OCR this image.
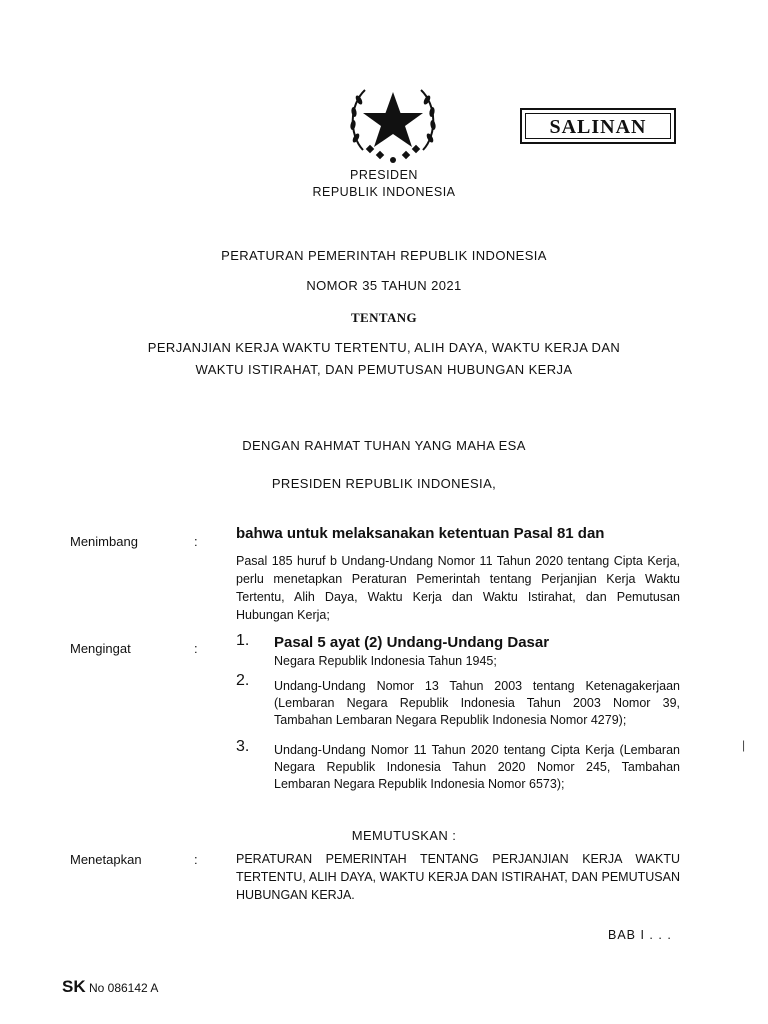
SALINAN
PRESIDEN
REPUBLIK INDONESIA
PERATURAN PEMERINTAH REPUBLIK INDONESIA
NOMOR 35 TAHUN 2021
TENTANG
PERJANJIAN KERJA WAKTU TERTENTU, ALIH DAYA, WAKTU KERJA DAN
WAKTU ISTIRAHAT, DAN PEMUTUSAN HUBUNGAN KERJA
DENGAN RAHMAT TUHAN YANG MAHA ESA
PRESIDEN REPUBLIK INDONESIA,
Menimbang	:	bahwa untuk melaksanakan ketentuan Pasal 81 dan
Pasal 185 huruf b Undang-Undang Nomor 11 Tahun 2020 tentang Cipta Kerja, perlu menetapkan Peraturan Pemerintah tentang Perjanjian Kerja Waktu Tertentu, Alih Daya, Waktu Kerja dan Waktu Istirahat, dan Pemutusan Hubungan Kerja;
Mengingat	: 1. Pasal 5 ayat (2) Undang-Undang Dasar
Negara Republik Indonesia Tahun 1945;
2. Undang-Undang Nomor 13 Tahun 2003 tentang Ketenagakerjaan (Lembaran Negara Republik Indonesia Tahun 2003 Nomor 39, Tambahan Lembaran Negara Republik Indonesia Nomor 4279);
3. Undang-Undang Nomor 11 Tahun 2020 tentang Cipta Kerja (Lembaran Negara Republik Indonesia Tahun 2020 Nomor 245, Tambahan Lembaran Negara Republik Indonesia Nomor 6573);
|
MEMUTUSKAN :
Menetapkan	:	PERATURAN PEMERINTAH TENTANG PERJANJIAN KERJA WAKTU TERTENTU, ALIH DAYA, WAKTU KERJA DAN ISTIRAHAT, DAN PEMUTUSAN HUBUNGAN KERJA.
BAB I . . .
SK No 086142 A
